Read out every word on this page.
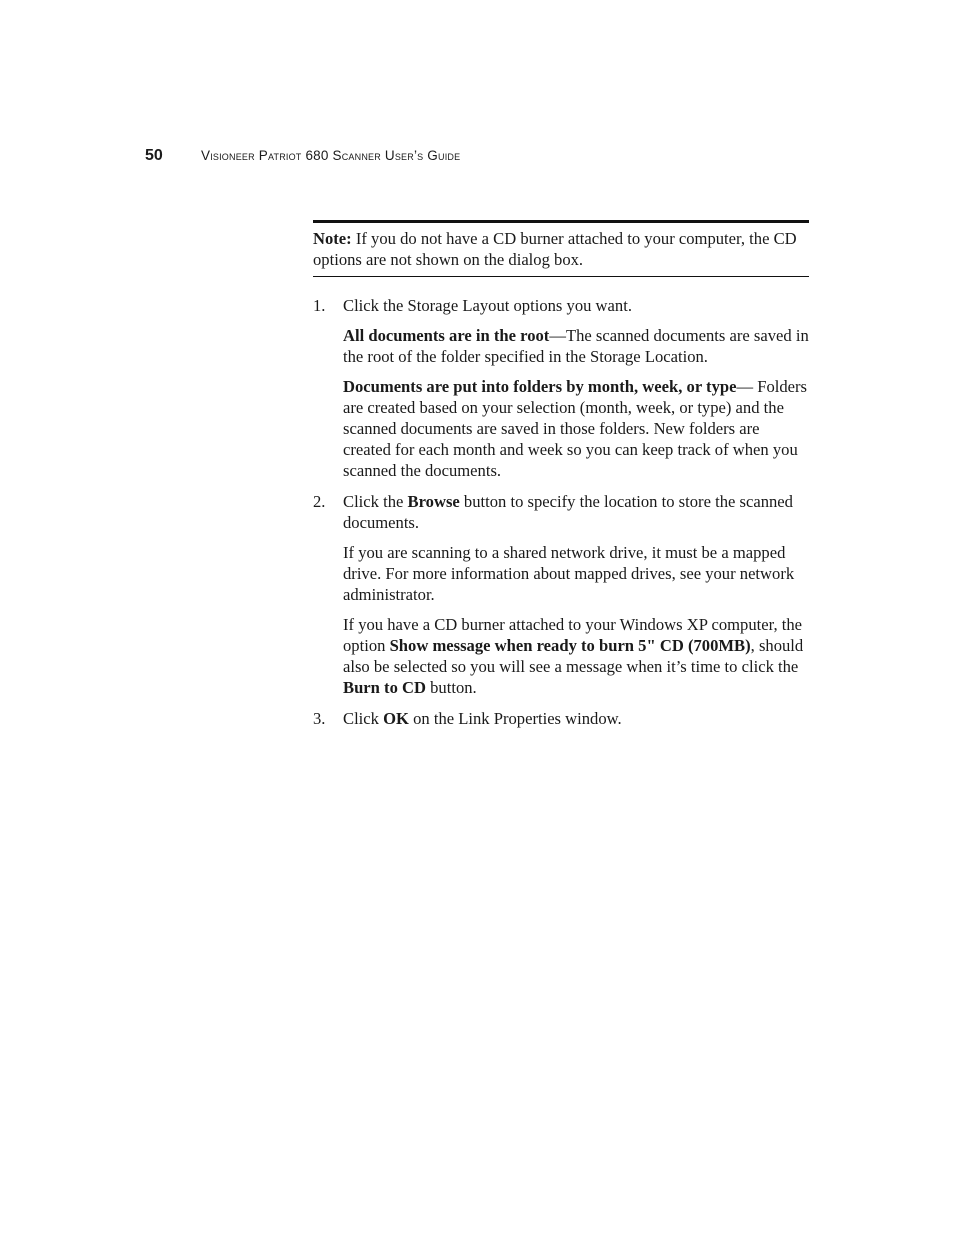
50	Visioneer Patriot 680 Scanner User’s Guide
Note: If you do not have a CD burner attached to your computer, the CD options are not shown on the dialog box.
1. Click the Storage Layout options you want.

All documents are in the root—The scanned documents are saved in the root of the folder specified in the Storage Location.

Documents are put into folders by month, week, or type— Folders are created based on your selection (month, week, or type) and the scanned documents are saved in those folders. New folders are created for each month and week so you can keep track of when you scanned the documents.

2. Click the Browse button to specify the location to store the scanned documents.

If you are scanning to a shared network drive, it must be a mapped drive. For more information about mapped drives, see your network administrator.

If you have a CD burner attached to your Windows XP computer, the option Show message when ready to burn 5" CD (700MB), should also be selected so you will see a message when it’s time to click the Burn to CD button.

3. Click OK on the Link Properties window.
